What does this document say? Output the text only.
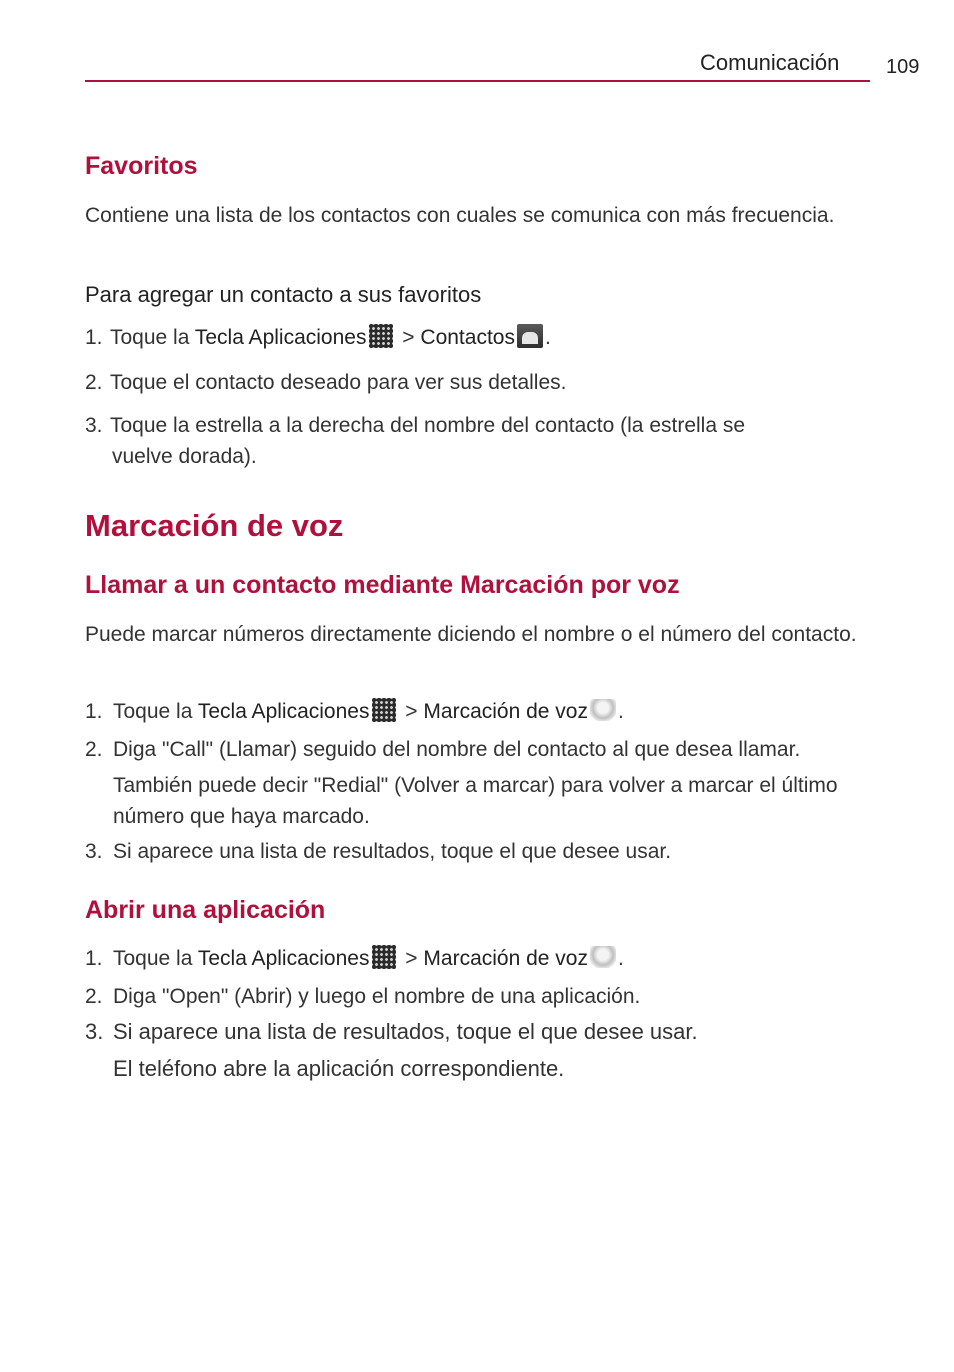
Comunicación 109
Favoritos
Contiene una lista de los contactos con cuales se comunica con más frecuencia.
Para agregar un contacto a sus favoritos
1. Toque la Tecla Aplicaciones > Contactos .
2. Toque el contacto deseado para ver sus detalles.
3. Toque la estrella a la derecha del nombre del contacto (la estrella se
vuelve dorada).
Marcación de voz
Llamar a un contacto mediante Marcación por voz
Puede marcar números directamente diciendo el nombre o el número del contacto.
1. Toque la Tecla Aplicaciones > Marcación de voz .
2. Diga "Call" (Llamar) seguido del nombre del contacto al que desea llamar.
También puede decir "Redial" (Volver a marcar) para volver a marcar el último número que haya marcado.
3. Si aparece una lista de resultados, toque el que desee usar.
Abrir una aplicación
1. Toque la Tecla Aplicaciones > Marcación de voz .
2. Diga "Open" (Abrir) y luego el nombre de una aplicación.
3. Si aparece una lista de resultados, toque el que desee usar.
El teléfono abre la aplicación correspondiente.
